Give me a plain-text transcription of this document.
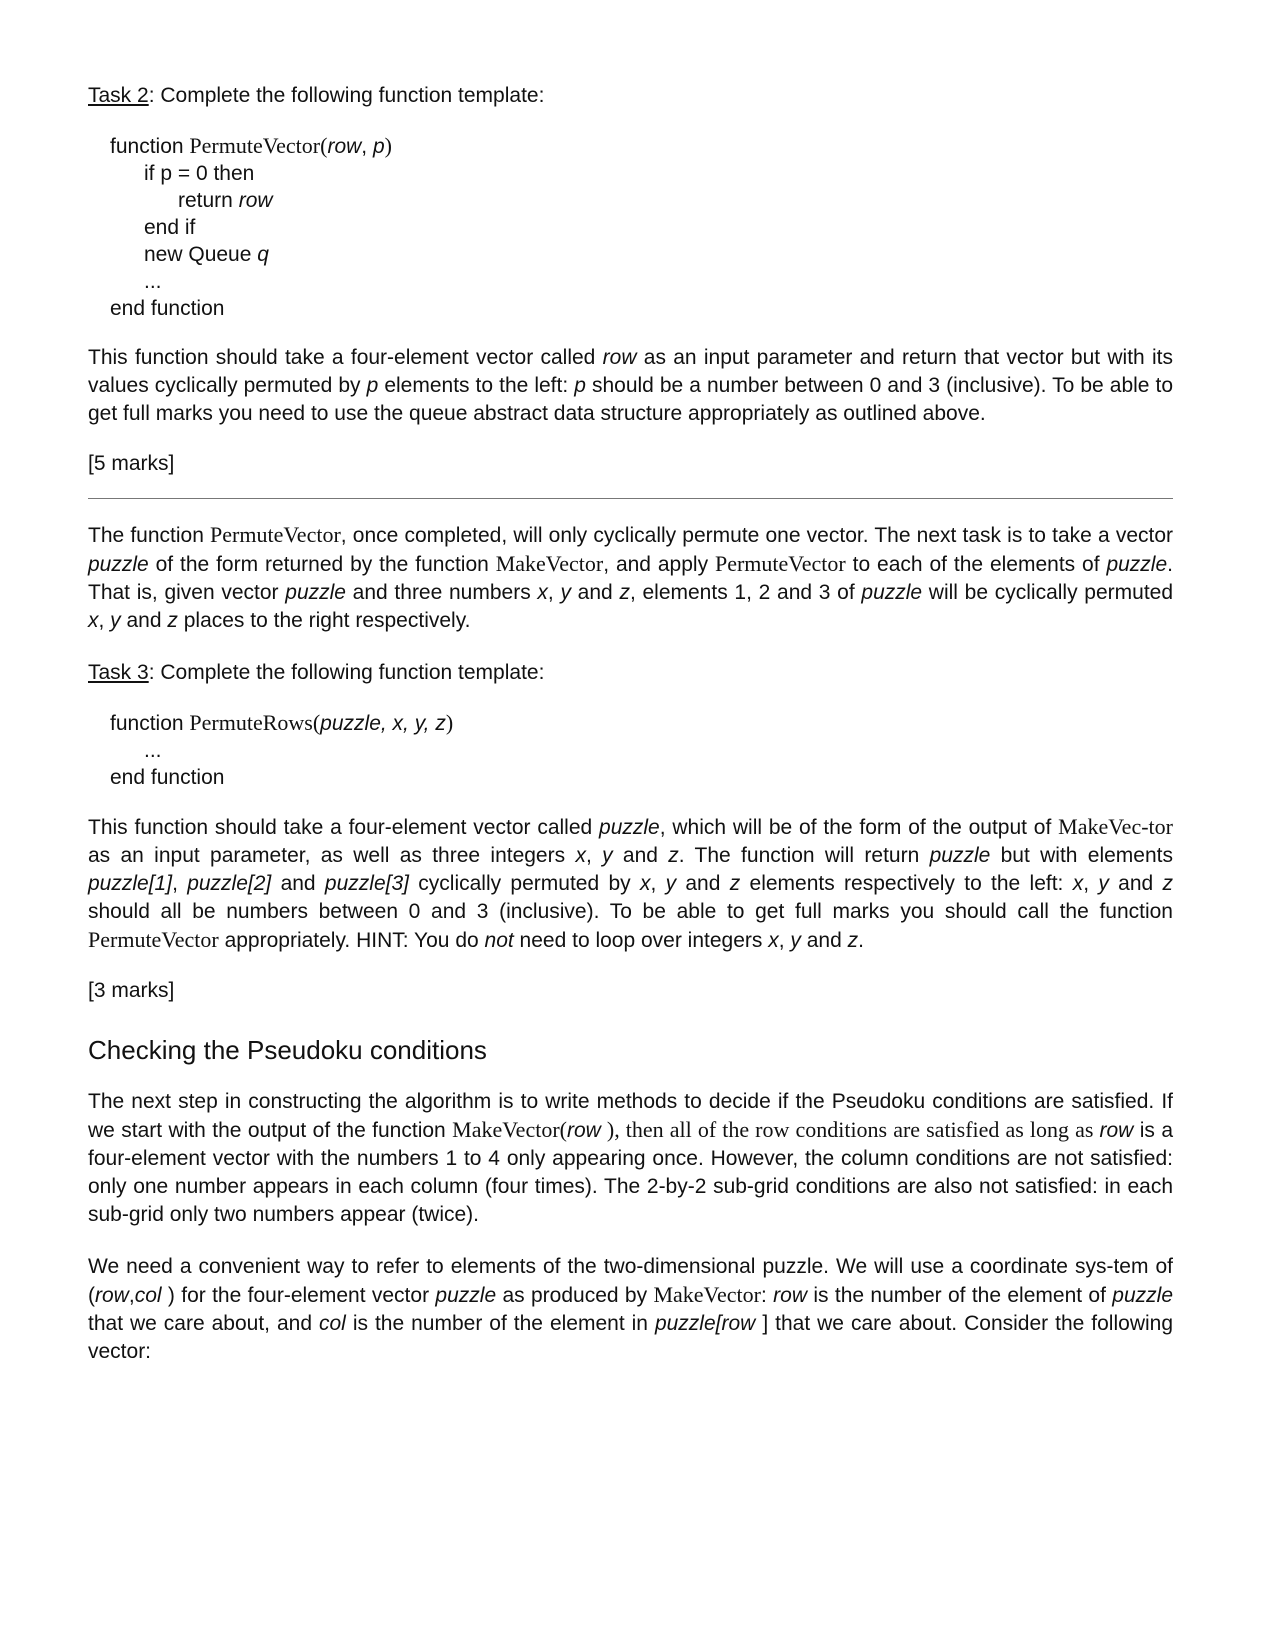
Task 2: Complete the following function template:

function PermuteVector(row, p)
if p = 0 then
return row
end if
new Queue q
...
end function

This function should take a four-element vector called row as an input parameter and return that vector but with its values cyclically permuted by p elements to the left: p should be a number between 0 and 3 (inclusive). To be able to get full marks you need to use the queue abstract data structure appropriately as outlined above.

[5 marks]

The function PermuteVector, once completed, will only cyclically permute one vector. The next task is to take a vector puzzle of the form returned by the function MakeVector, and apply PermuteVector to each of the elements of puzzle. That is, given vector puzzle and three numbers x, y and z, elements 1, 2 and 3 of puzzle will be cyclically permuted x, y and z places to the right respectively.

Task 3: Complete the following function template:

function PermuteRows(puzzle, x, y, z)
...
end function

This function should take a four-element vector called puzzle, which will be of the form of the output of MakeVec-tor as an input parameter, as well as three integers x, y and z. The function will return puzzle but with elements puzzle[1], puzzle[2] and puzzle[3] cyclically permuted by x, y and z elements respectively to the left: x, y and z should all be numbers between 0 and 3 (inclusive). To be able to get full marks you should call the function PermuteVector appropriately. HINT: You do not need to loop over integers x, y and z.

[3 marks]

Checking the Pseudoku conditions

The next step in constructing the algorithm is to write methods to decide if the Pseudoku conditions are satisfied. If we start with the output of the function MakeVector(row ), then all of the row conditions are satisfied as long as row is a four-element vector with the numbers 1 to 4 only appearing once. However, the column conditions are not satisfied: only one number appears in each column (four times). The 2-by-2 sub-grid conditions are also not satisfied: in each sub-grid only two numbers appear (twice).

We need a convenient way to refer to elements of the two-dimensional puzzle. We will use a coordinate sys-tem of (row,col ) for the four-element vector puzzle as produced by MakeVector: row is the number of the element of puzzle that we care about, and col is the number of the element in puzzle[row ] that we care about. Consider the following vector:
